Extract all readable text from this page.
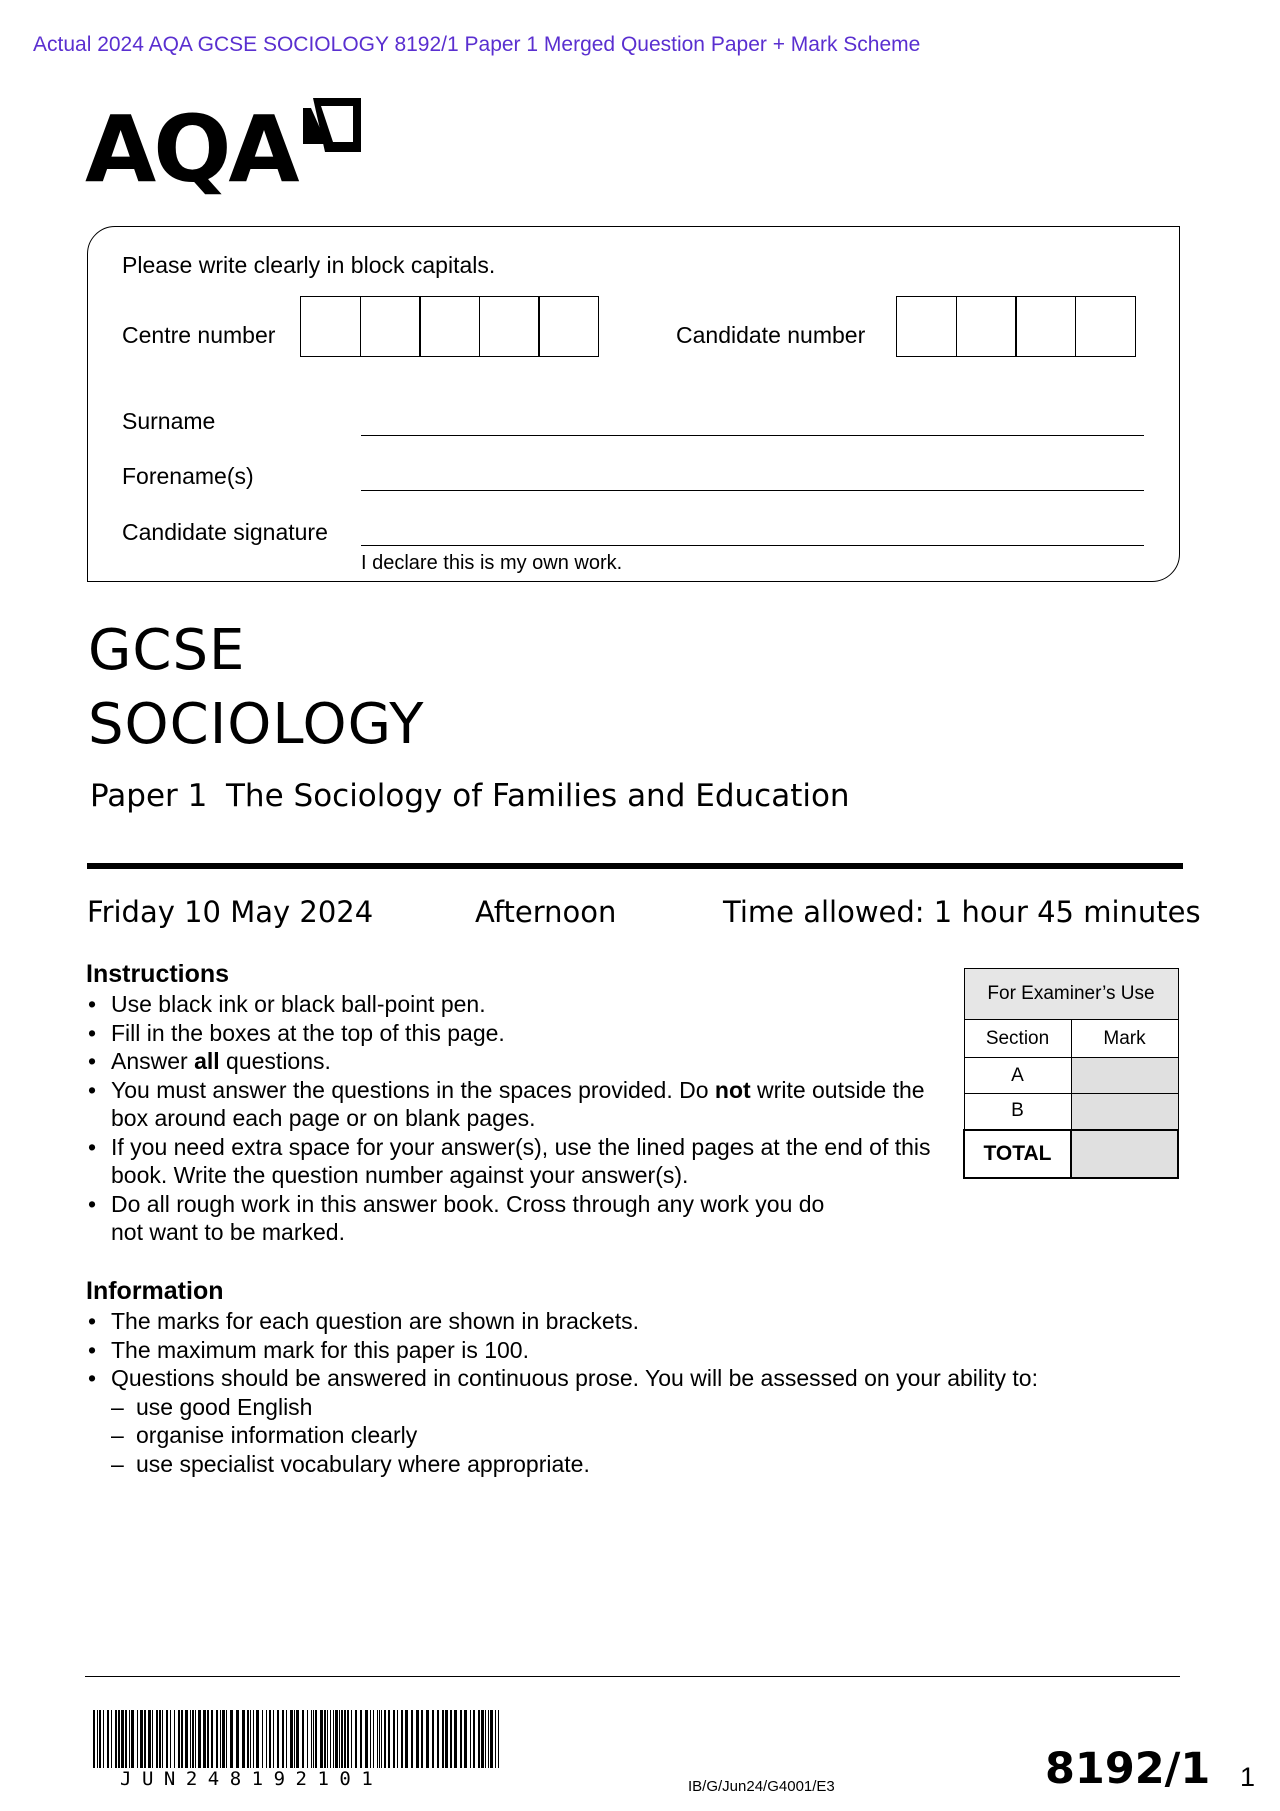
Actual 2024 AQA GCSE SOCIOLOGY 8192/1 Paper 1 Merged Question Paper + Mark Scheme
AQA
Please write clearly in block capitals.
Centre number	Candidate number
Surname
Forename(s)
Candidate signature
I declare this is my own work.
GCSE
SOCIOLOGY
Paper 1 The Sociology of Families and Education
Friday 10 May 2024	Afternoon	Time allowed: 1 hour 45 minutes
Instructions
• Use black ink or black ball-point pen.
• Fill in the boxes at the top of this page.
• Answer all questions.
• You must answer the questions in the spaces provided. Do not write outside the box around each page or on blank pages.
• If you need extra space for your answer(s), use the lined pages at the end of this book. Write the question number against your answer(s).
• Do all rough work in this answer book. Cross through any work you do not want to be marked.
For Examiner’s Use	
Section	Mark
A	
B	
TOTAL	
Information
• The marks for each question are shown in brackets.
• The maximum mark for this paper is 100.
• Questions should be answered in continuous prose. You will be assessed on your ability to:
– use good English
– organise information clearly
– use specialist vocabulary where appropriate.
JUN248192101	IB/G/Jun24/G4001/E3	8192/1 1
